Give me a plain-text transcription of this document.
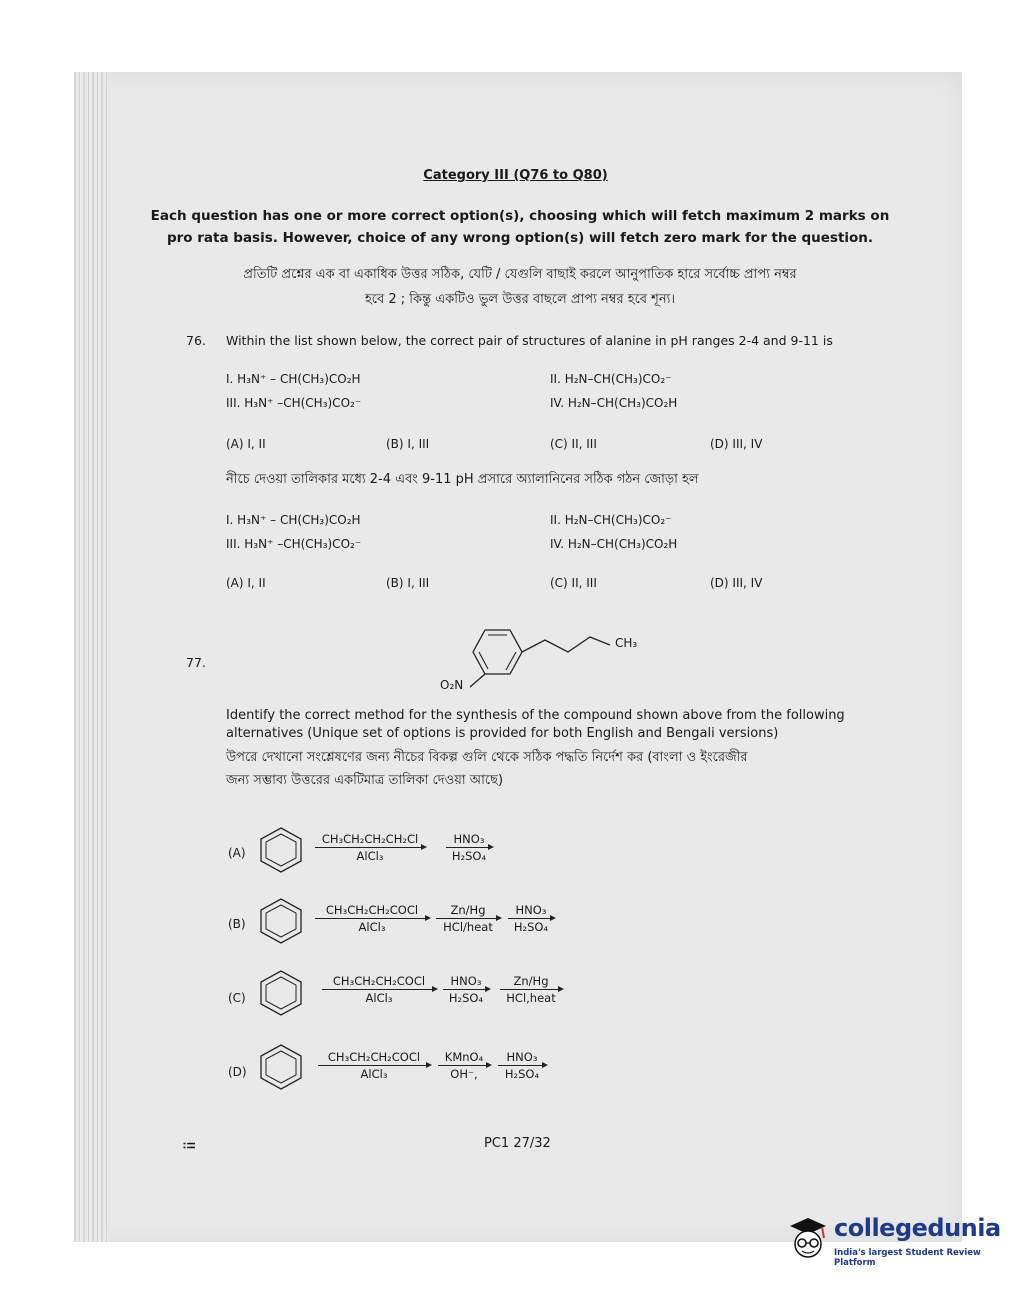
Category III (Q76 to Q80)
Each question has one or more correct option(s), choosing which will fetch maximum 2 marks on
pro rata basis. However, choice of any wrong option(s) will fetch zero mark for the question.
প্রতিটি প্রশ্নের এক বা একাধিক উত্তর সঠিক, যেটি / যেগুলি বাছাই করলে আনুপাতিক হারে সর্বোচ্চ প্রাপ্য নম্বর
হবে 2 ; কিন্তু একটিও ভুল উত্তর বাছলে প্রাপ্য নম্বর হবে শূন্য।
76. Within the list shown below, the correct pair of structures of alanine in pH ranges 2-4 and 9-11 is
I. H₃N⁺ – CH(CH₃)CO₂H	II. H₂N–CH(CH₃)CO₂⁻
III. H₃N⁺ –CH(CH₃)CO₂⁻	IV. H₂N–CH(CH₃)CO₂H
(A) I, II	(B) I, III	(C) II, III	(D) III, IV
নীচে দেওয়া তালিকার মধ্যে 2-4 এবং 9-11 pH প্রসারে অ্যালানিনের সঠিক গঠন জোড়া হল
I. H₃N⁺ – CH(CH₃)CO₂H	II. H₂N–CH(CH₃)CO₂⁻
III. H₃N⁺ –CH(CH₃)CO₂⁻	IV. H₂N–CH(CH₃)CO₂H
(A) I, II	(B) I, III	(C) II, III	(D) III, IV
77.
CH₃
O₂N
Identify the correct method for the synthesis of the compound shown above from the following
alternatives (Unique set of options is provided for both English and Bengali versions)
উপরে দেখানো সংশ্লেষণের জন্য নীচের বিকল্প গুলি থেকে সঠিক পদ্ধতি নির্দেশ কর (বাংলা ও ইংরেজীর
জন্য সম্ভাব্য উত্তরের একটিমাত্র তালিকা দেওয়া আছে)
(A)
CH₃CH₂CH₂CH₂Cl
AlCl₃
HNO₃
H₂SO₄
(B)
CH₃CH₂CH₂COCl
AlCl₃
Zn/Hg
HCl/heat
HNO₃
H₂SO₄
(C)
CH₃CH₂CH₂COCl
AlCl₃
HNO₃
H₂SO₄
Zn/Hg
HCl,heat
(D)
CH₃CH₂CH₂COCl
AlCl₃
KMnO₄
OH⁻,
HNO₃
H₂SO₄
‼	PC1 27/32
collegedunia
India's largest Student Review Platform
